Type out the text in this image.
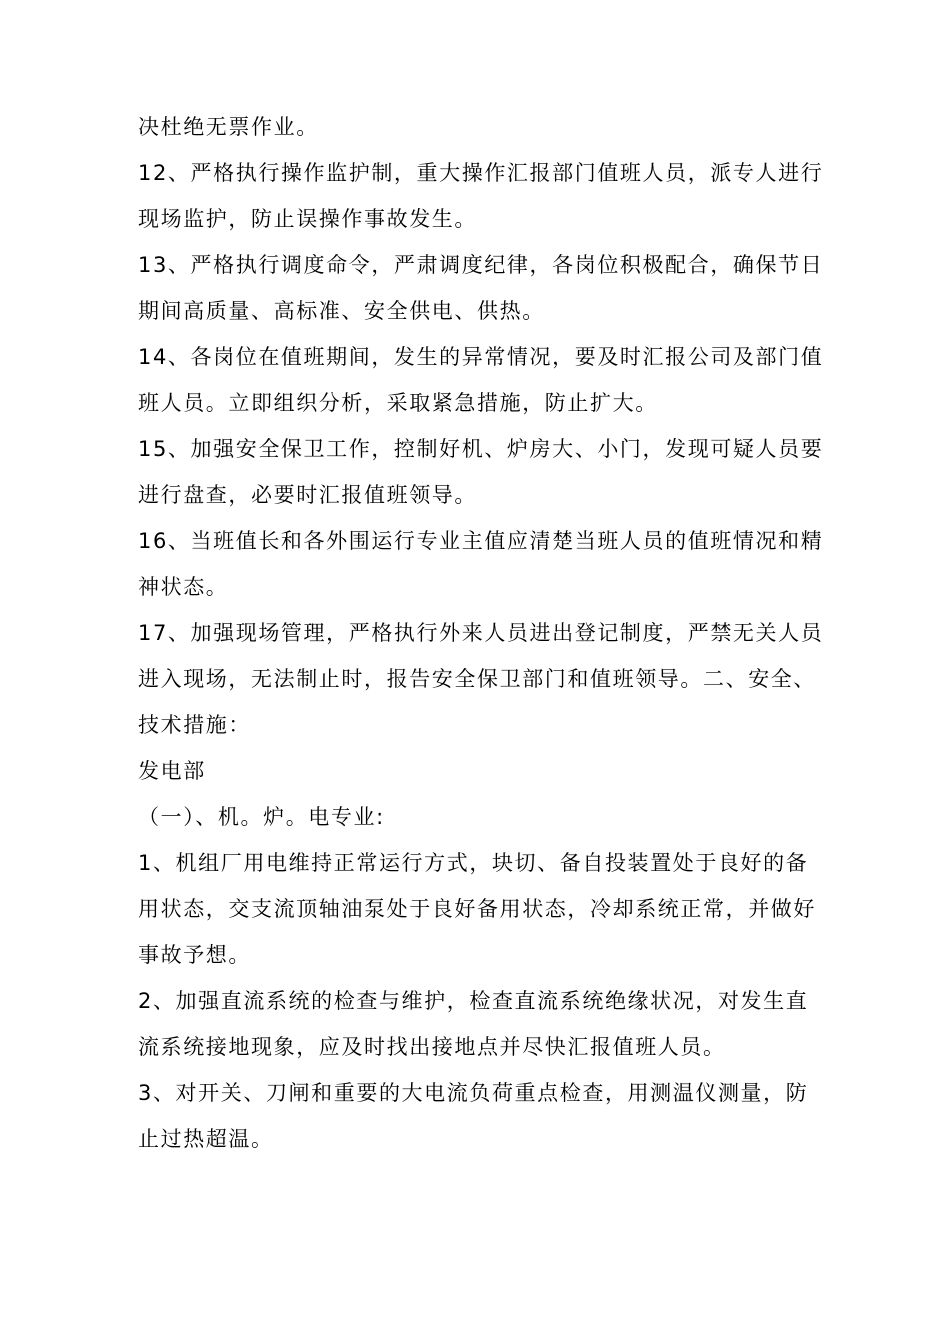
决杜绝无票作业。

12、严格执行操作监护制，重大操作汇报部门值班人员，派专人进行现场监护，防止误操作事故发生。

13、严格执行调度命令，严肃调度纪律，各岗位积极配合，确保节日期间高质量、高标准、安全供电、供热。

14、各岗位在值班期间，发生的异常情况，要及时汇报公司及部门值班人员。立即组织分析，采取紧急措施，防止扩大。

15、加强安全保卫工作，控制好机、炉房大、小门，发现可疑人员要进行盘查，必要时汇报值班领导。

16、当班值长和各外围运行专业主值应清楚当班人员的值班情况和精神状态。

17、加强现场管理，严格执行外来人员进出登记制度，严禁无关人员进入现场，无法制止时，报告安全保卫部门和值班领导。二、安全、技术措施：

发电部

（一）、机。炉。电专业:

1、机组厂用电维持正常运行方式，块切、备自投装置处于良好的备用状态，交支流顶轴油泵处于良好备用状态，冷却系统正常，并做好事故予想。

2、加强直流系统的检查与维护，检查直流系统绝缘状况，对发生直流系统接地现象，应及时找出接地点并尽快汇报值班人员。

3、对开关、刀闸和重要的大电流负荷重点检查，用测温仪测量，防止过热超温。
